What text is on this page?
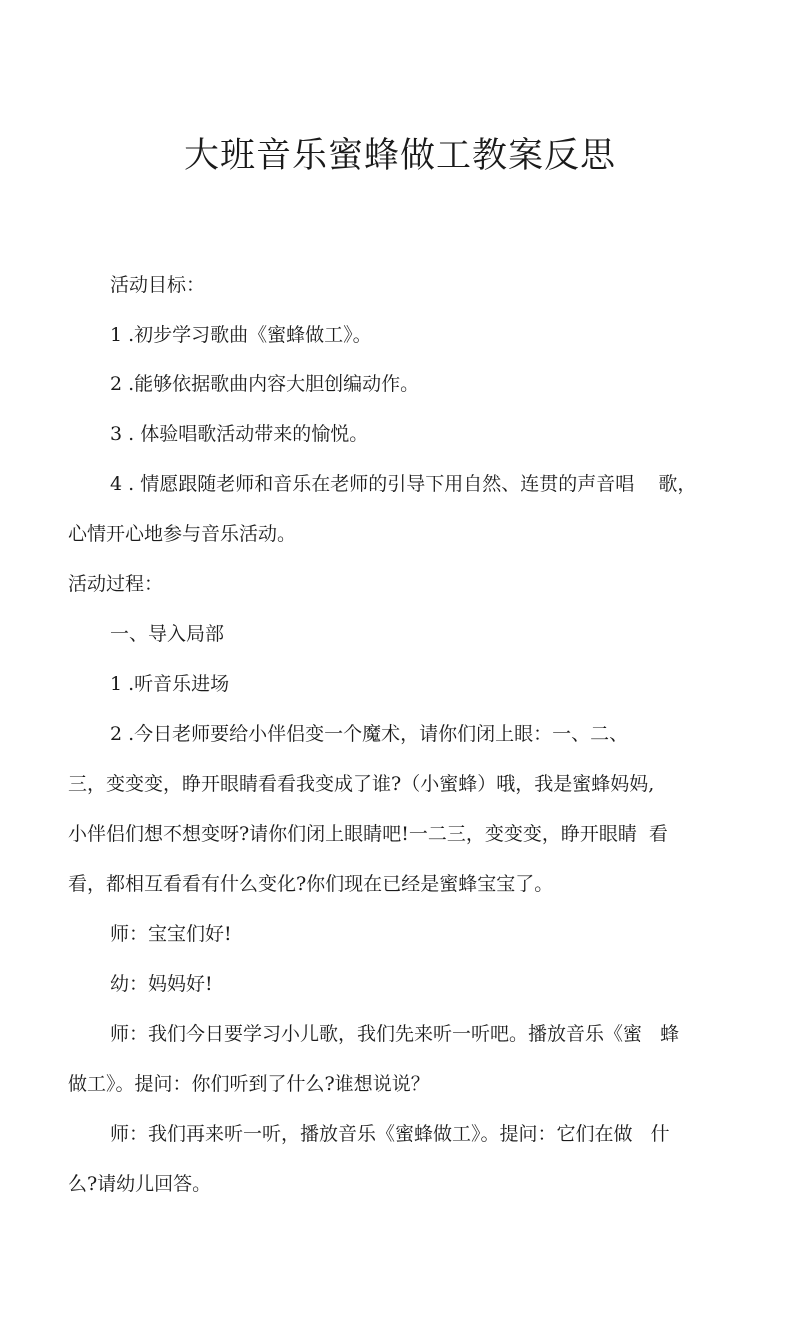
大班音乐蜜蜂做工教案反思

活动目标：

1 .初步学习歌曲《蜜蜂做工》。

2 .能够依据歌曲内容大胆创编动作。

3 . 体验唱歌活动带来的愉悦。

4 . 情愿跟随老师和音乐在老师的引导下用自然、连贯的声音唱    歌，

心情开心地参与音乐活动。

活动过程：

一、导入局部

1 .听音乐进场

2 .今日老师要给小伴侣变一个魔术，请你们闭上眼：一、二、

三，变变变，睁开眼睛看看我变成了谁?（小蜜蜂）哦，我是蜜蜂妈妈,

小伴侣们想不想变呀?请你们闭上眼睛吧!一二三，变变变，睁开眼睛  看

看，都相互看看有什么变化?你们现在已经是蜜蜂宝宝了。

师：宝宝们好!

幼：妈妈好!

师：我们今日要学习小儿歌，我们先来听一听吧。播放音乐《蜜   蜂

做工》。提问：你们听到了什么?谁想说说？

师：我们再来听一听，播放音乐《蜜蜂做工》。提问：它们在做   什

么?请幼儿回答。
